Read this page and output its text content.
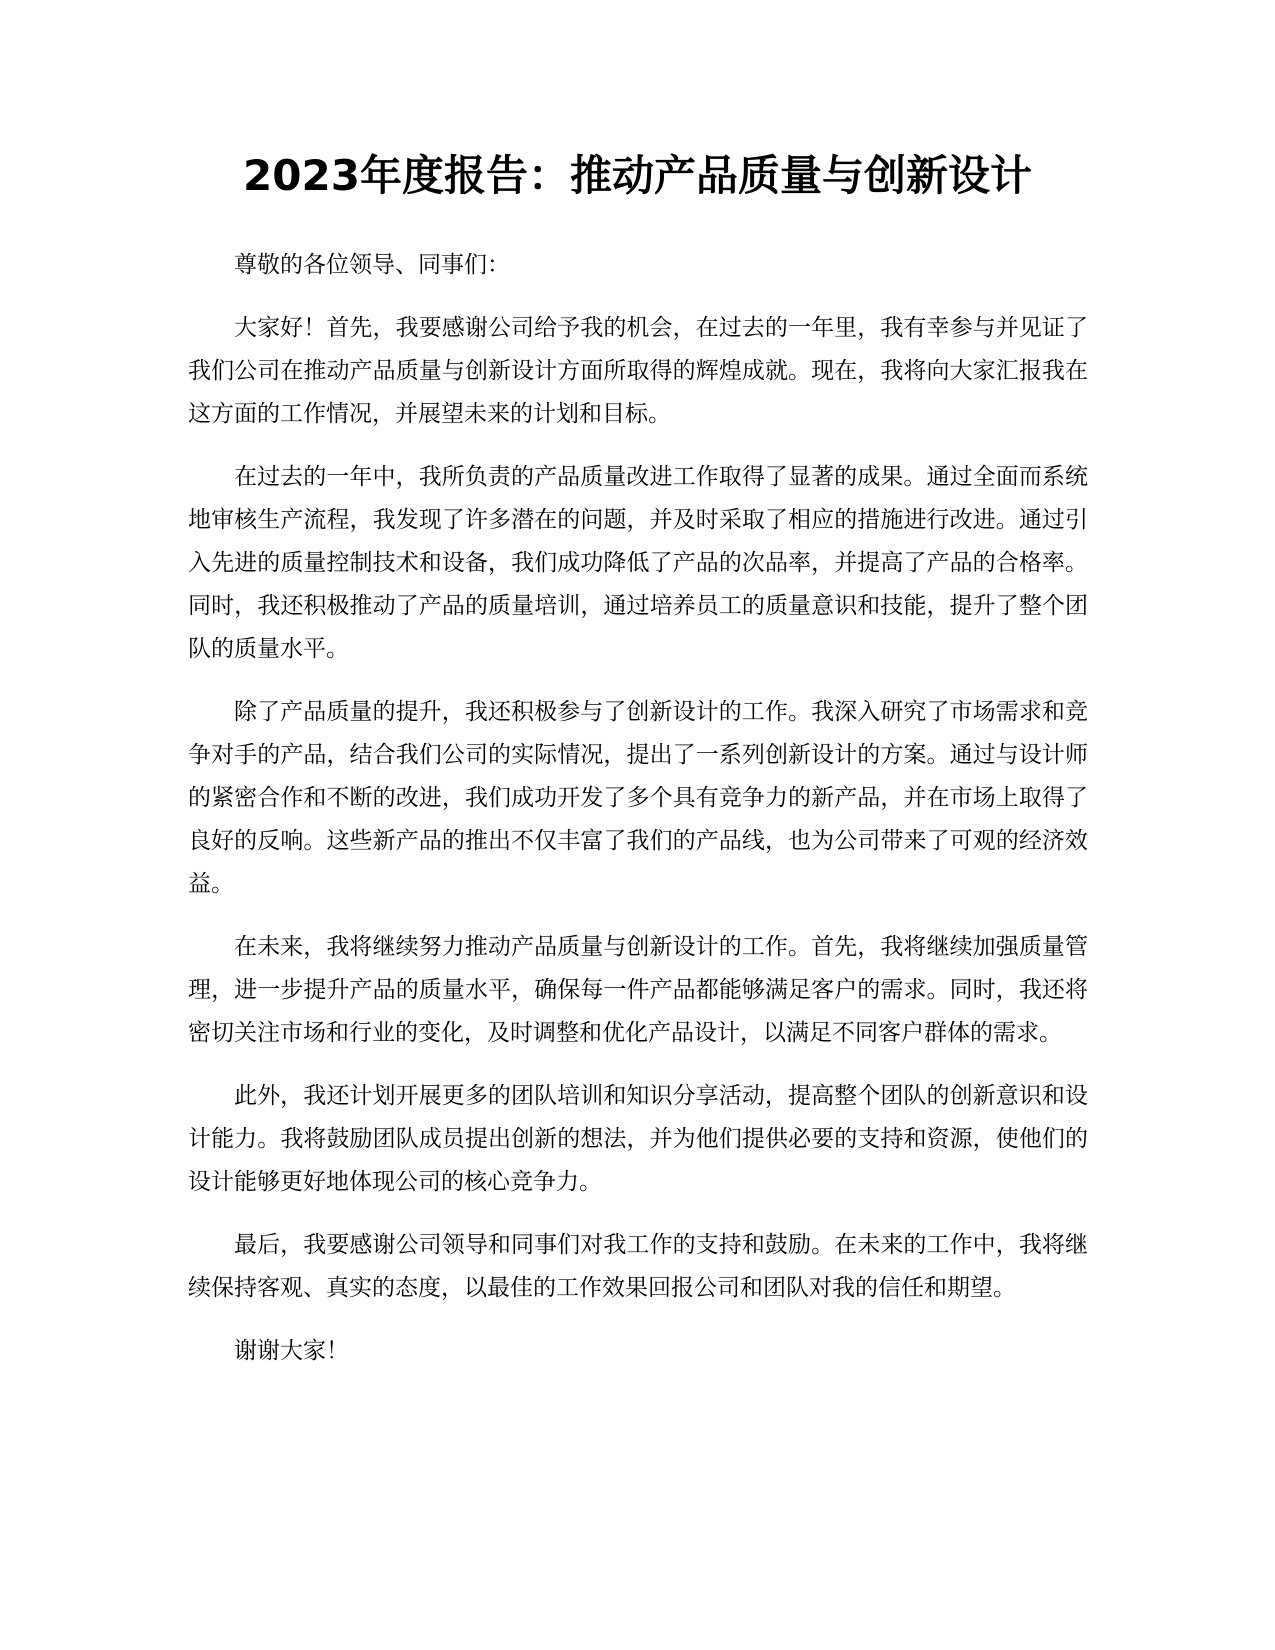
2023年度报告：推动产品质量与创新设计

尊敬的各位领导、同事们：

大家好！首先，我要感谢公司给予我的机会，在过去的一年里，我有幸参与并见证了我们公司在推动产品质量与创新设计方面所取得的辉煌成就。现在，我将向大家汇报我在这方面的工作情况，并展望未来的计划和目标。

在过去的一年中，我所负责的产品质量改进工作取得了显著的成果。通过全面而系统地审核生产流程，我发现了许多潜在的问题，并及时采取了相应的措施进行改进。通过引入先进的质量控制技术和设备，我们成功降低了产品的次品率，并提高了产品的合格率。同时，我还积极推动了产品的质量培训，通过培养员工的质量意识和技能，提升了整个团队的质量水平。

除了产品质量的提升，我还积极参与了创新设计的工作。我深入研究了市场需求和竞争对手的产品，结合我们公司的实际情况，提出了一系列创新设计的方案。通过与设计师的紧密合作和不断的改进，我们成功开发了多个具有竞争力的新产品，并在市场上取得了良好的反响。这些新产品的推出不仅丰富了我们的产品线，也为公司带来了可观的经济效益。

在未来，我将继续努力推动产品质量与创新设计的工作。首先，我将继续加强质量管理，进一步提升产品的质量水平，确保每一件产品都能够满足客户的需求。同时，我还将密切关注市场和行业的变化，及时调整和优化产品设计，以满足不同客户群体的需求。

此外，我还计划开展更多的团队培训和知识分享活动，提高整个团队的创新意识和设计能力。我将鼓励团队成员提出创新的想法，并为他们提供必要的支持和资源，使他们的设计能够更好地体现公司的核心竞争力。

最后，我要感谢公司领导和同事们对我工作的支持和鼓励。在未来的工作中，我将继续保持客观、真实的态度，以最佳的工作效果回报公司和团队对我的信任和期望。

谢谢大家！
